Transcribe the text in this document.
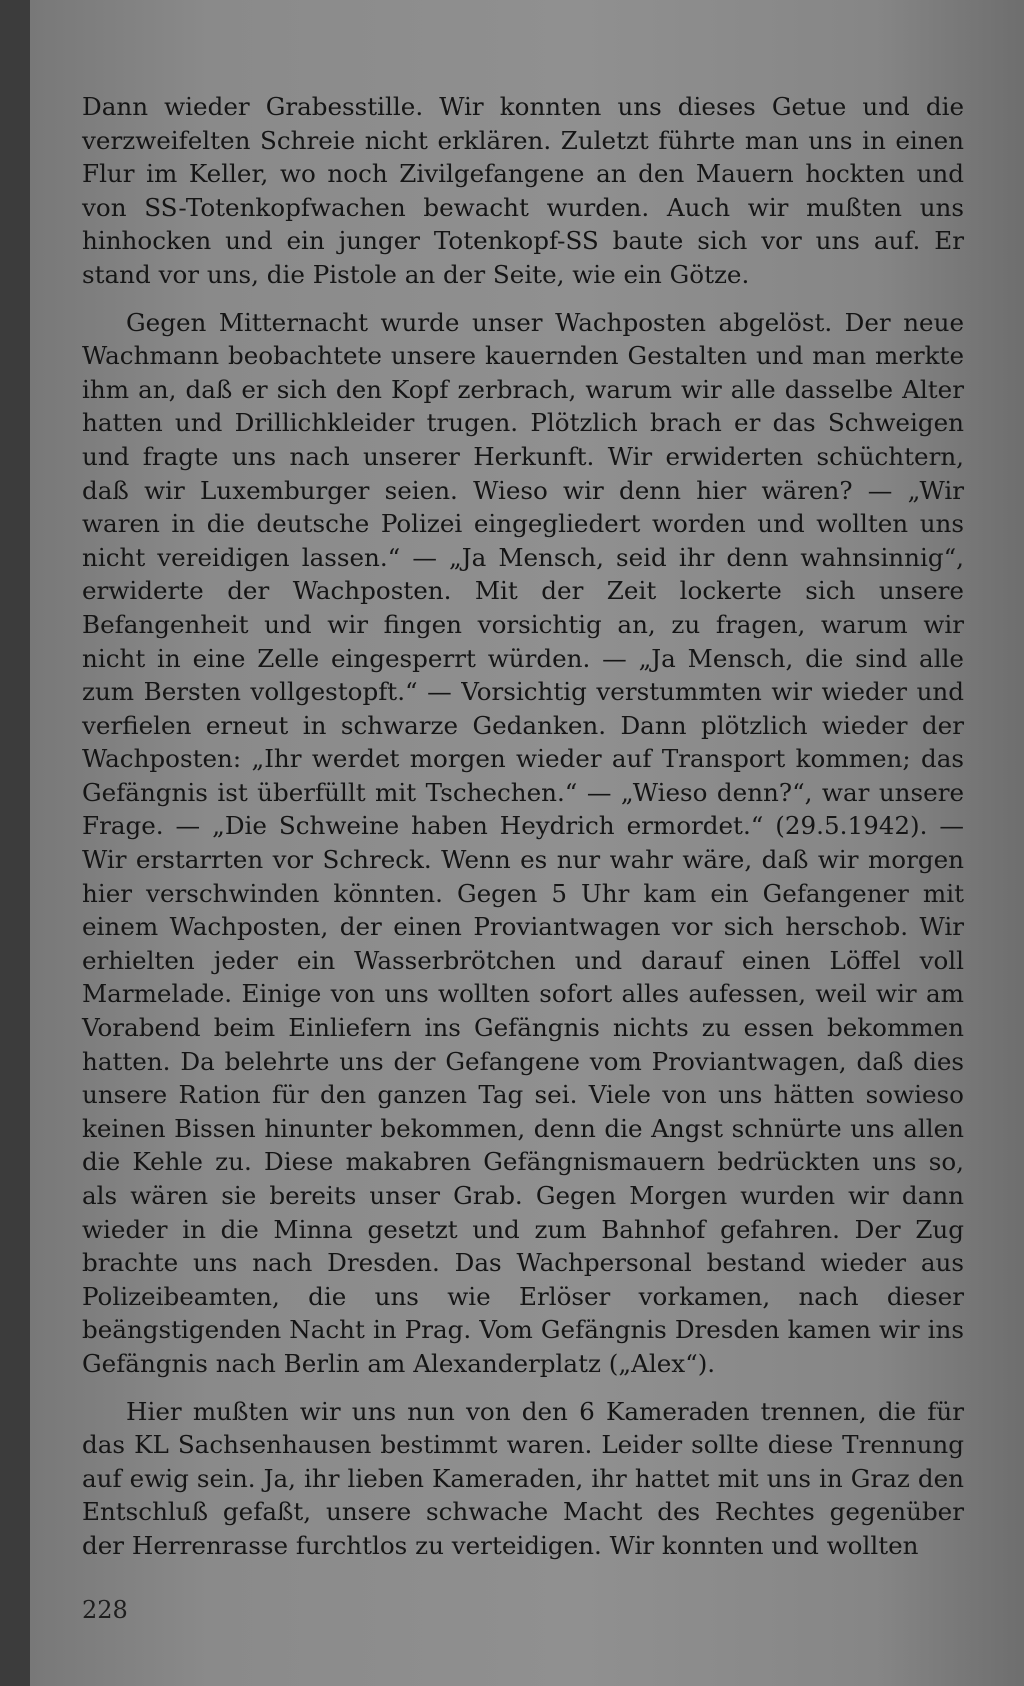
Dann wieder Grabesstille. Wir konnten uns dieses Getue und die verzweifelten Schreie nicht erklären. Zuletzt führte man uns in einen Flur im Keller, wo noch Zivilgefangene an den Mauern hockten und von SS-Totenkopfwachen bewacht wurden. Auch wir mußten uns hinhocken und ein junger Totenkopf-SS baute sich vor uns auf. Er stand vor uns, die Pistole an der Seite, wie ein Götze.

Gegen Mitternacht wurde unser Wachposten abgelöst. Der neue Wachmann beobachtete unsere kauernden Gestalten und man merkte ihm an, daß er sich den Kopf zerbrach, warum wir alle dasselbe Alter hatten und Drillichkleider trugen. Plötzlich brach er das Schweigen und fragte uns nach unserer Herkunft. Wir erwiderten schüchtern, daß wir Luxemburger seien. Wieso wir denn hier wären? — „Wir waren in die deutsche Polizei eingegliedert worden und wollten uns nicht vereidigen lassen.“ — „Ja Mensch, seid ihr denn wahnsinnig“, erwiderte der Wachposten. Mit der Zeit lockerte sich unsere Befangenheit und wir fingen vorsichtig an, zu fragen, warum wir nicht in eine Zelle eingesperrt würden. — „Ja Mensch, die sind alle zum Bersten vollgestopft.“ — Vorsichtig verstummten wir wieder und verfielen erneut in schwarze Gedanken. Dann plötzlich wieder der Wachposten: „Ihr werdet morgen wieder auf Transport kommen; das Gefängnis ist überfüllt mit Tschechen.“ — „Wieso denn?“, war unsere Frage. — „Die Schweine haben Heydrich ermordet.“ (29.5.1942). — Wir erstarrten vor Schreck. Wenn es nur wahr wäre, daß wir morgen hier verschwinden könnten. Gegen 5 Uhr kam ein Gefangener mit einem Wachposten, der einen Proviantwagen vor sich herschob. Wir erhielten jeder ein Wasserbrötchen und darauf einen Löffel voll Marmelade. Einige von uns wollten sofort alles aufessen, weil wir am Vorabend beim Einliefern ins Gefängnis nichts zu essen bekommen hatten. Da belehrte uns der Gefangene vom Proviantwagen, daß dies unsere Ration für den ganzen Tag sei. Viele von uns hätten sowieso keinen Bissen hinunter bekommen, denn die Angst schnürte uns allen die Kehle zu. Diese makabren Gefängnismauern bedrückten uns so, als wären sie bereits unser Grab. Gegen Morgen wurden wir dann wieder in die Minna gesetzt und zum Bahnhof gefahren. Der Zug brachte uns nach Dresden. Das Wachpersonal bestand wieder aus Polizeibeamten, die uns wie Erlöser vorkamen, nach dieser beängstigenden Nacht in Prag. Vom Gefängnis Dresden kamen wir ins Gefängnis nach Berlin am Alexanderplatz („Alex“).

Hier mußten wir uns nun von den 6 Kameraden trennen, die für das KL Sachsenhausen bestimmt waren. Leider sollte diese Trennung auf ewig sein. Ja, ihr lieben Kameraden, ihr hattet mit uns in Graz den Entschluß gefaßt, unsere schwache Macht des Rechtes gegenüber der Herrenrasse furchtlos zu verteidigen. Wir konnten und wollten

228
